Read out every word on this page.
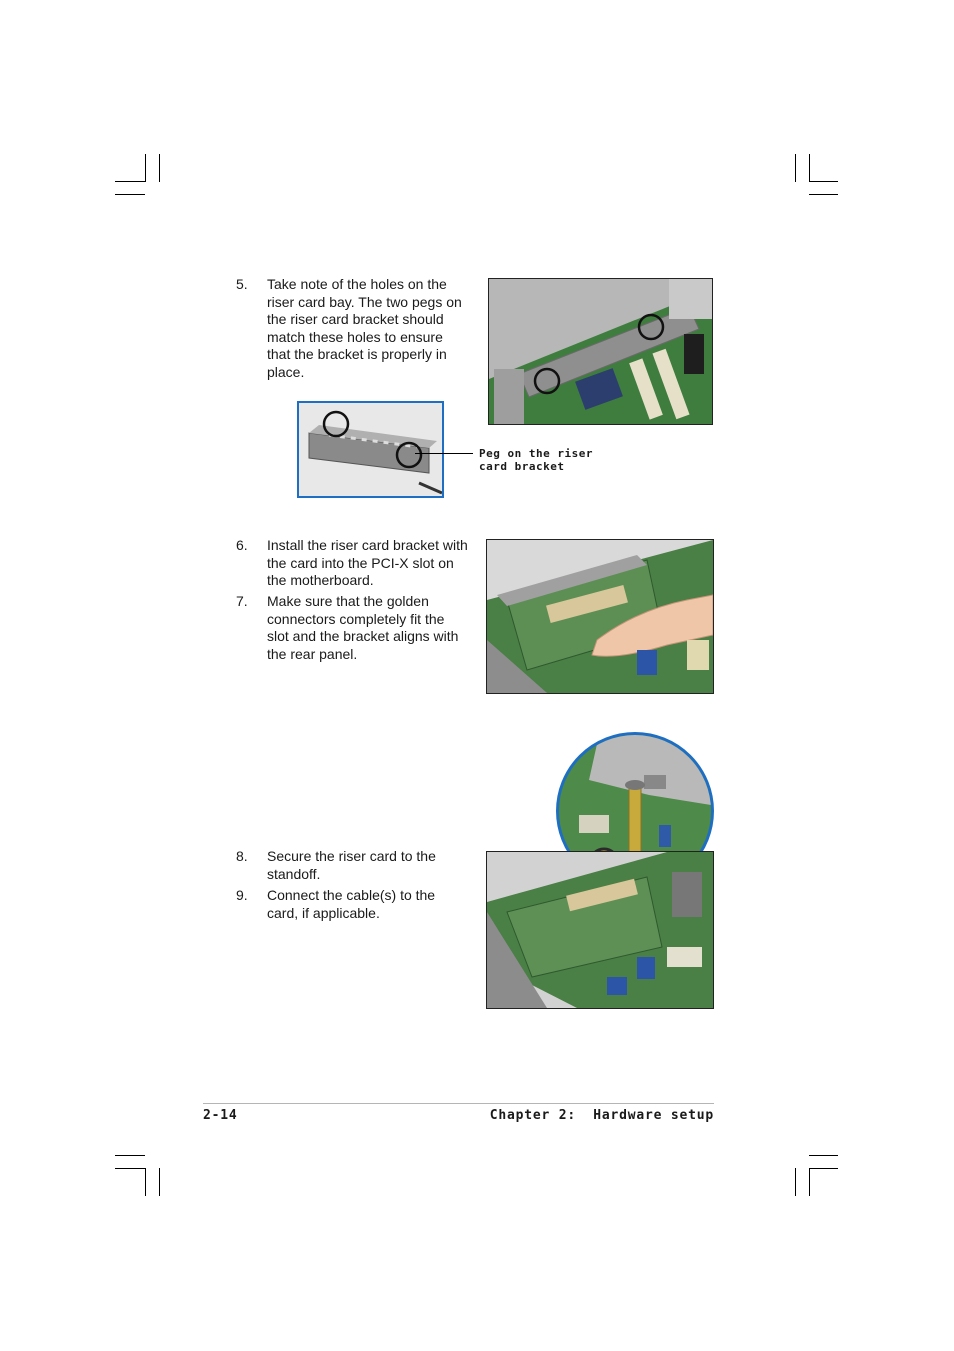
5. Take note of the holes on the
riser card bay. The two pegs on
the riser card bracket should
match these holes to ensure
that the bracket is properly in
place.
Peg on the riser
card bracket
6. Install the riser card bracket with
the card into the PCI-X slot on
the motherboard.
7. Make sure that the golden
connectors completely fit the
slot and the bracket aligns with
the rear panel.
8. Secure the riser card to the
standoff.
9. Connect the cable(s) to the
card, if applicable.
2-14	Chapter 2:  Hardware setup
